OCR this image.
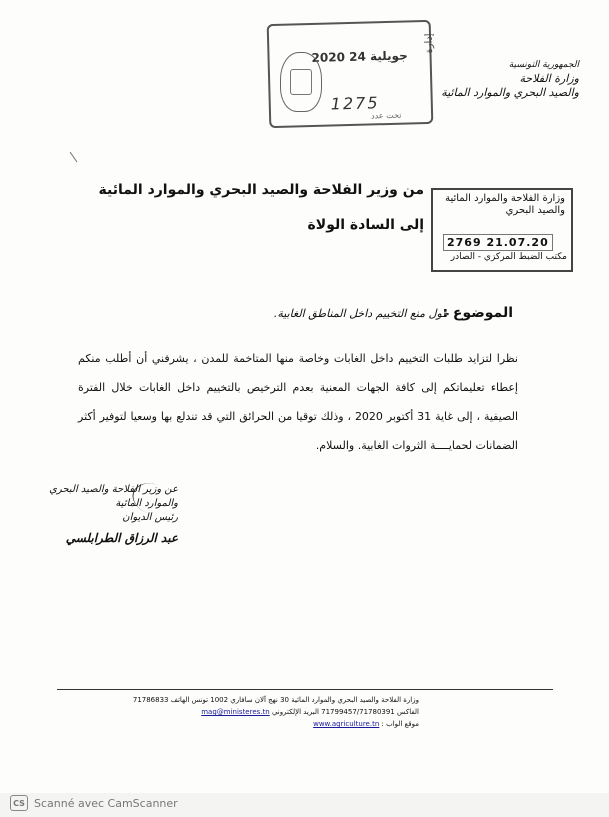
الجمهورية التونسية
وزارة الفلاحة
والصيد البحري والموارد المائية
إدارة
2020 جويلية 24
1275
تحت عدد
من وزير الفلاحة والصيد البحري والموارد المائية
إلى السادة الولاة
وزارة الفلاحة والموارد المائية والصيد البحري
2769 21.07.20
مكتب الضبط المركزي - الصادر
الموضوع :
حول منع التخييم داخل المناطق الغابية.
نظرا لتزايد طلبات التخييم داخل الغابات وخاصة منها المتاخمة للمدن ، يشرفني أن أطلب منكم إعطاء تعليماتكم إلى كافة الجهات المعنية بعدم الترخيص بالتخييم داخل الغابات خلال الفترة الصيفية ، إلى غاية 31 أكتوبر 2020 ، وذلك توقيا من الحرائق التي قد تندلع بها وسعيا لتوفير أكثر الضمانات لحمايــــة الثروات الغابية. والسلام.
عن وزير الفلاحة والصيد البحري
والموارد المائية
رئيس الديوان
عبد الرزاق الطرابلسي
وزارة الفلاحة والصيد البحري والموارد المائية 30 نهج آلان سافاري 1002 تونس الهاتف 71786833
الفاكس 71799457/71780391 البريد الإلكتروني mag@ministeres.tn
موقع الواب : www.agriculture.tn
CS Scanné avec CamScanner
